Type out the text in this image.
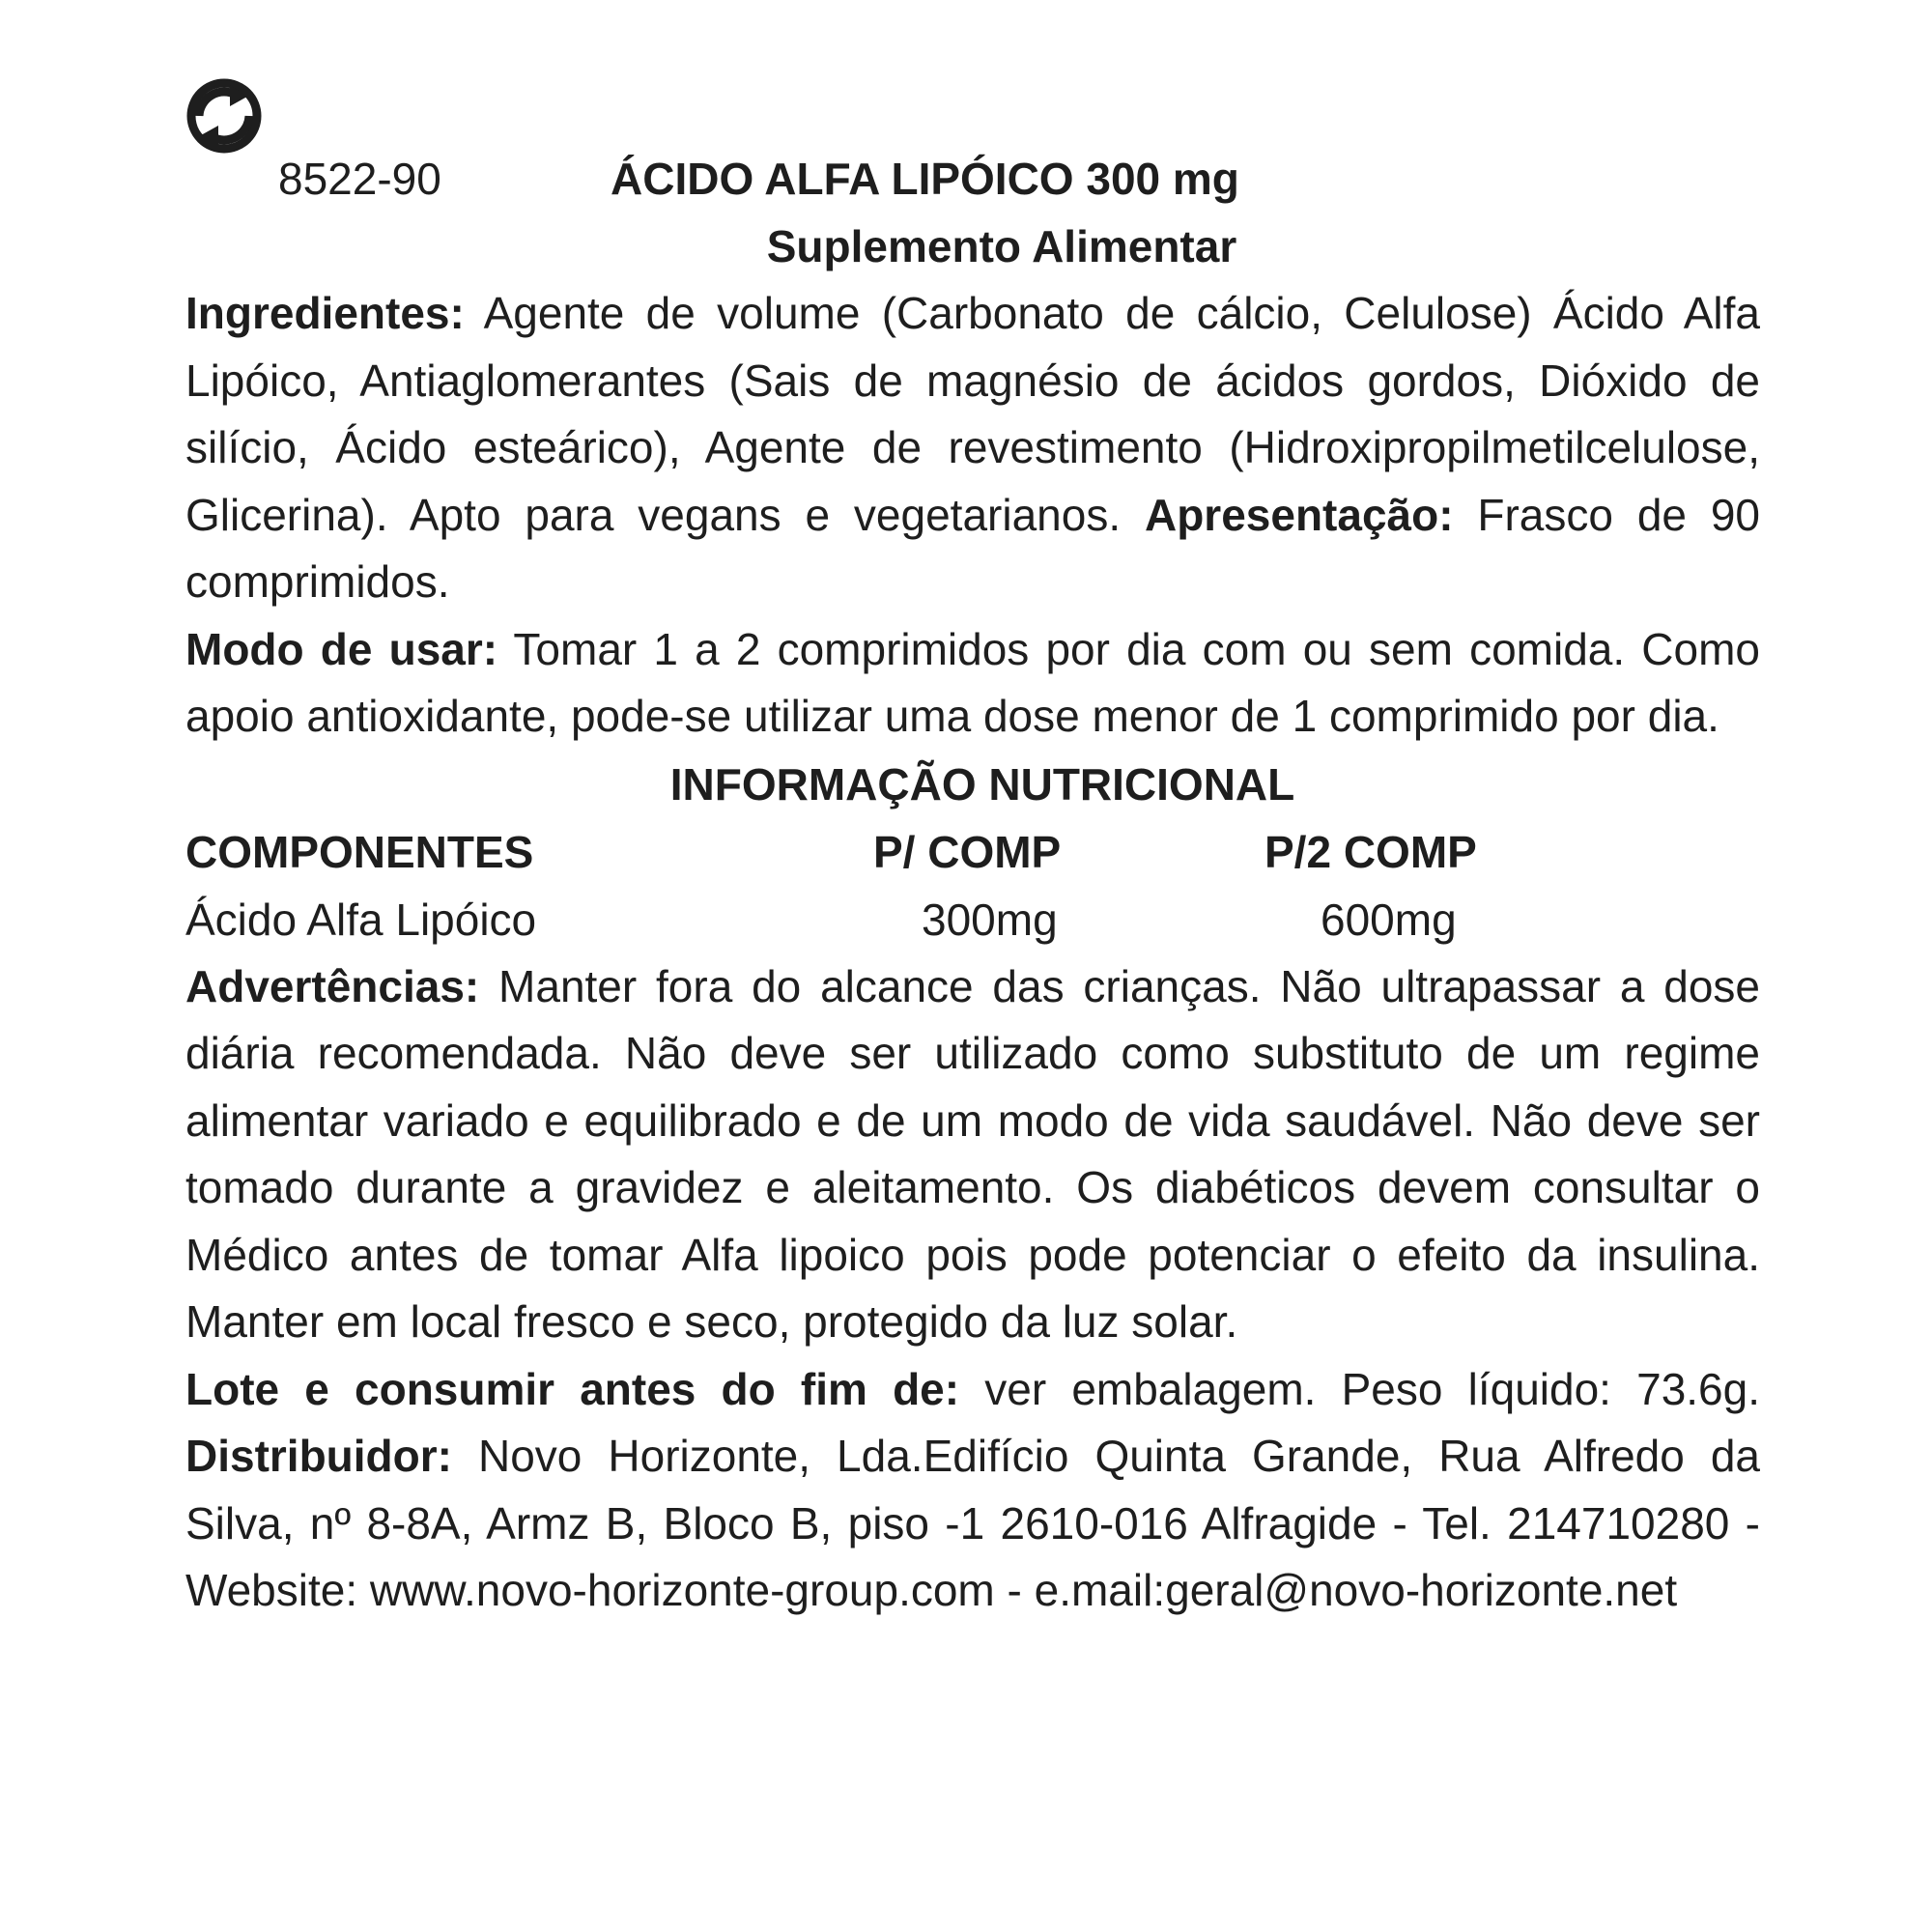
8522-90	ÁCIDO ALFA LIPÓICO 300 mg
Suplemento Alimentar

Ingredientes: Agente de volume (Carbonato de cálcio, Celulose) Ácido Alfa Lipóico, Antiaglomerantes (Sais de magnésio de ácidos gordos, Dióxido de silício, Ácido esteárico), Agente de revestimento (Hidroxipropilmetilcelulose, Glicerina). Apto para vegans e vegetarianos. Apresentação: Frasco de 90 comprimidos.

Modo de usar: Tomar 1 a 2 comprimidos por dia com ou sem comida. Como apoio antioxidante, pode-se utilizar uma dose menor de 1 comprimido por dia.

INFORMAÇÃO NUTRICIONAL
COMPONENTES	P/ COMP	P/2 COMP
Ácido Alfa Lipóico	300mg	600mg

Advertências: Manter fora do alcance das crianças. Não ultrapassar a dose diária recomendada. Não deve ser utilizado como substituto de um regime alimentar variado e equilibrado e de um modo de vida saudável. Não deve ser tomado durante a gravidez e aleitamento. Os diabéticos devem consultar o Médico antes de tomar Alfa lipoico pois pode potenciar o efeito da insulina. Manter em local fresco e seco, protegido da luz solar.

Lote e consumir antes do fim de: ver embalagem. Peso líquido: 73.6g. Distribuidor: Novo Horizonte, Lda.Edifício Quinta Grande, Rua Alfredo da Silva, nº 8-8A, Armz B, Bloco B, piso -1 2610-016 Alfragide - Tel. 214710280 - Website: www.novo-horizonte-group.com - e.mail:geral@novo-horizonte.net
